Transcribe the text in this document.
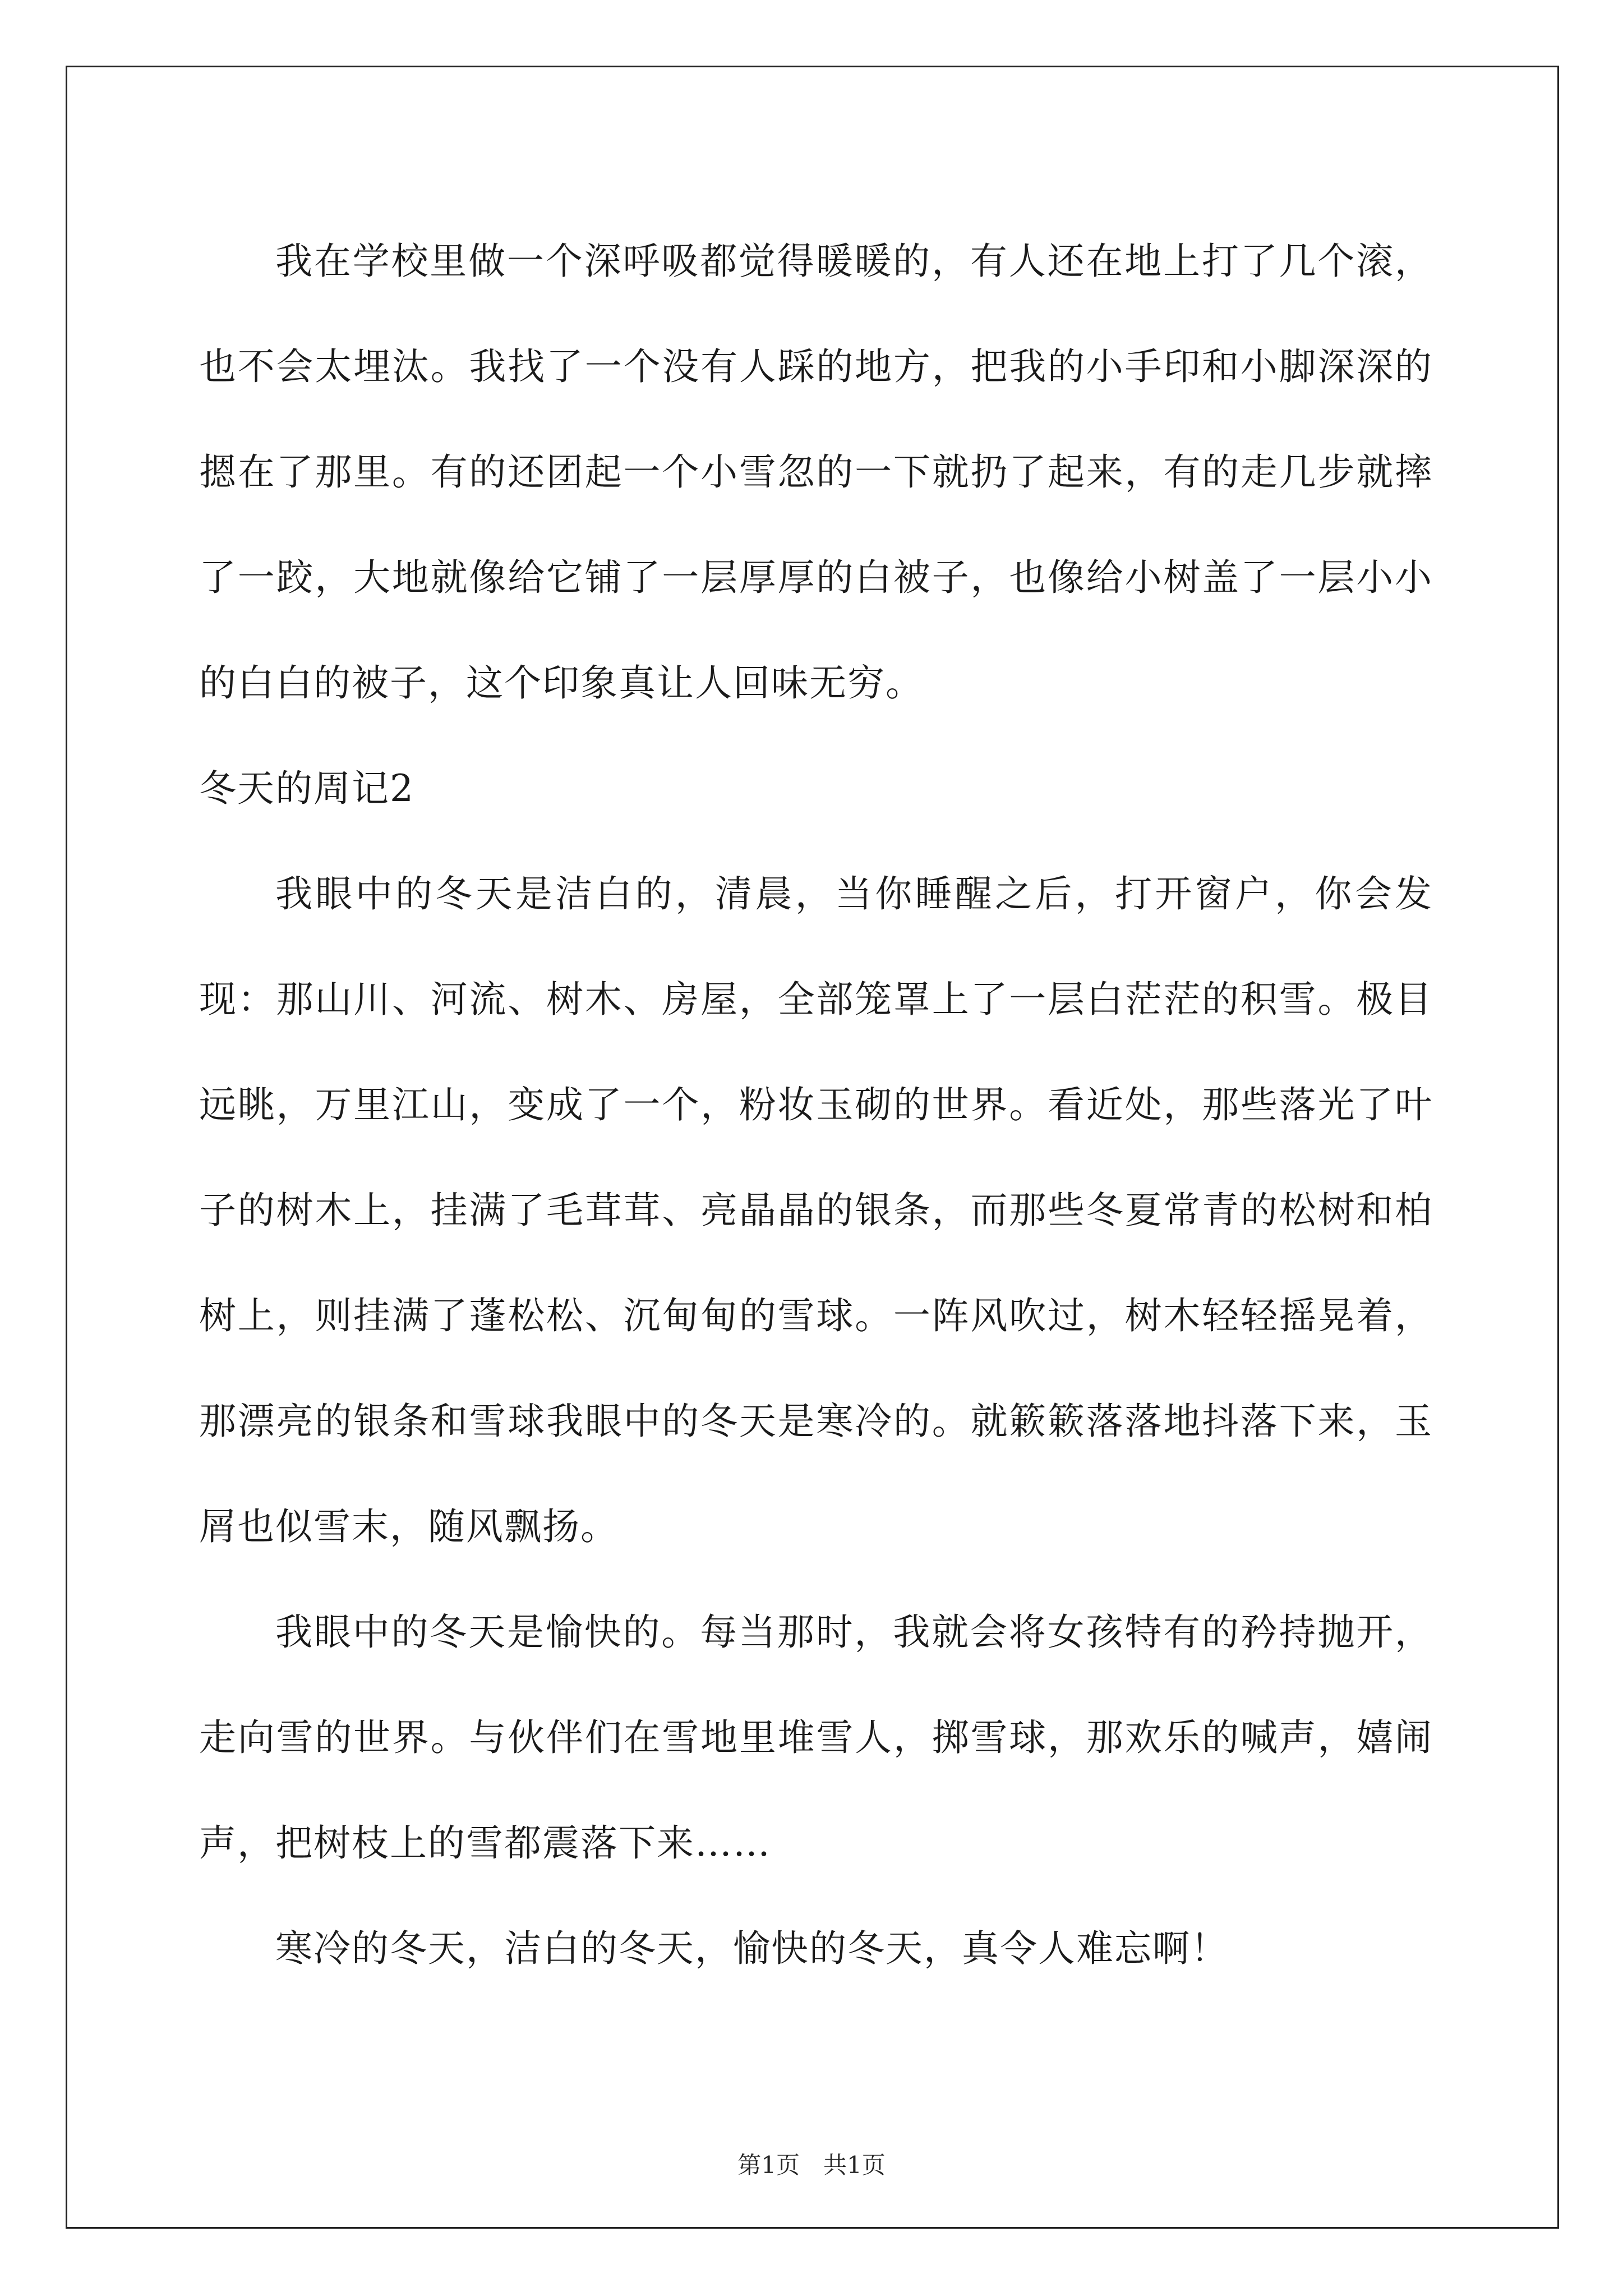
我在学校里做一个深呼吸都觉得暖暖的，有人还在地上打了几个滚，也不会太埋汰。我找了一个没有人踩的地方，把我的小手印和小脚深深的摁在了那里。有的还团起一个小雪忽的一下就扔了起来，有的走几步就摔了一跤，大地就像给它铺了一层厚厚的白被子，也像给小树盖了一层小小的白白的被子，这个印象真让人回味无穷。

冬天的周记2

我眼中的冬天是洁白的，清晨，当你睡醒之后，打开窗户，你会发现：那山川、河流、树木、房屋，全部笼罩上了一层白茫茫的积雪。极目远眺，万里江山，变成了一个，粉妆玉砌的世界。看近处，那些落光了叶子的树木上，挂满了毛茸茸、亮晶晶的银条，而那些冬夏常青的松树和柏树上，则挂满了蓬松松、沉甸甸的雪球。一阵风吹过，树木轻轻摇晃着，那漂亮的银条和雪球我眼中的冬天是寒冷的。就簌簌落落地抖落下来，玉屑也似雪末，随风飘扬。

我眼中的冬天是愉快的。每当那时，我就会将女孩特有的矜持抛开，走向雪的世界。与伙伴们在雪地里堆雪人，掷雪球，那欢乐的喊声，嬉闹声，把树枝上的雪都震落下来……

寒冷的冬天，洁白的冬天，愉快的冬天，真令人难忘啊！

第1页　共1页
